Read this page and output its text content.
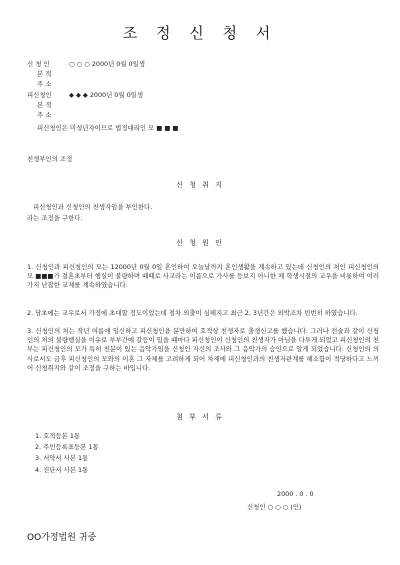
조 정 신 청 서
신 청 인	○ ○ ○ 2000년 0월 0일생
본 적
주 소
피신청인	◆ ◆ ◆ 2000년 0월 0일생
본 적
주 소
피신청인은 미성년자이므로 법정대리인 모 ■ ■ ■
친생부인의 조정
신 청 취 지
피신청인과 신청인의 친생자임을 부인한다.
라는 조정을 구한다.
신 청 원 인
1. 신청인과 피신청인의 모는 12000년 0월 0일 혼인하여 오늘날까지 혼인생활을 계속하고 있는데 신청인의 처인 피신청인의 모 ■■■가 결혼초부터 행실이 불량하며 때때로 사교라는 이름으로 가사를 등보지 아니한 채 학생시절의 교우을 비롯하여 여러 가지 난잡한 교제를 계속하였습니다.
2. 당초에는 교우로서 가정에 초대할 정도이었는데 점차 외출이 심해지고 최근 2, 3년간은 외박조차 빈번히 하였습니다.
3. 신청인의 처는 작년 여름에 임신하고 피신청인을 분만하여 호적상 친생자로 출생신고를 했습니다. 그러나 전술과 같이 신청인의 처의 불량행실을 이유로 부부간에 갈등이 있을 때마다 피신청인이 신청인의 친생자가 아님을 다투게 되었고 피신청인의 친부는 피신청인의 모가 특히 친분이 있는 음악가임을 신청인 자신의 조사와 그 음악가의 승인으로 알게 되었습니다. 신청인의 의사로서도 금후 피신청인의 모와의 이혼 그 자체를 고려하게 되어 차제에 피신청인과의 친생자관계를 해소함이 적당하다고 느끼어 신청취지와 같이 조정을 구하는 바입니다.
첨 부 서 류
1. 호적등본 1통
2. 주민등록표등본 1통
3. 서약서 사본 1통
4. 진단서 사본 1통
2000 . 0 . 0
신청인 ○ ○ ○ (인)
OO가정법원 귀중
